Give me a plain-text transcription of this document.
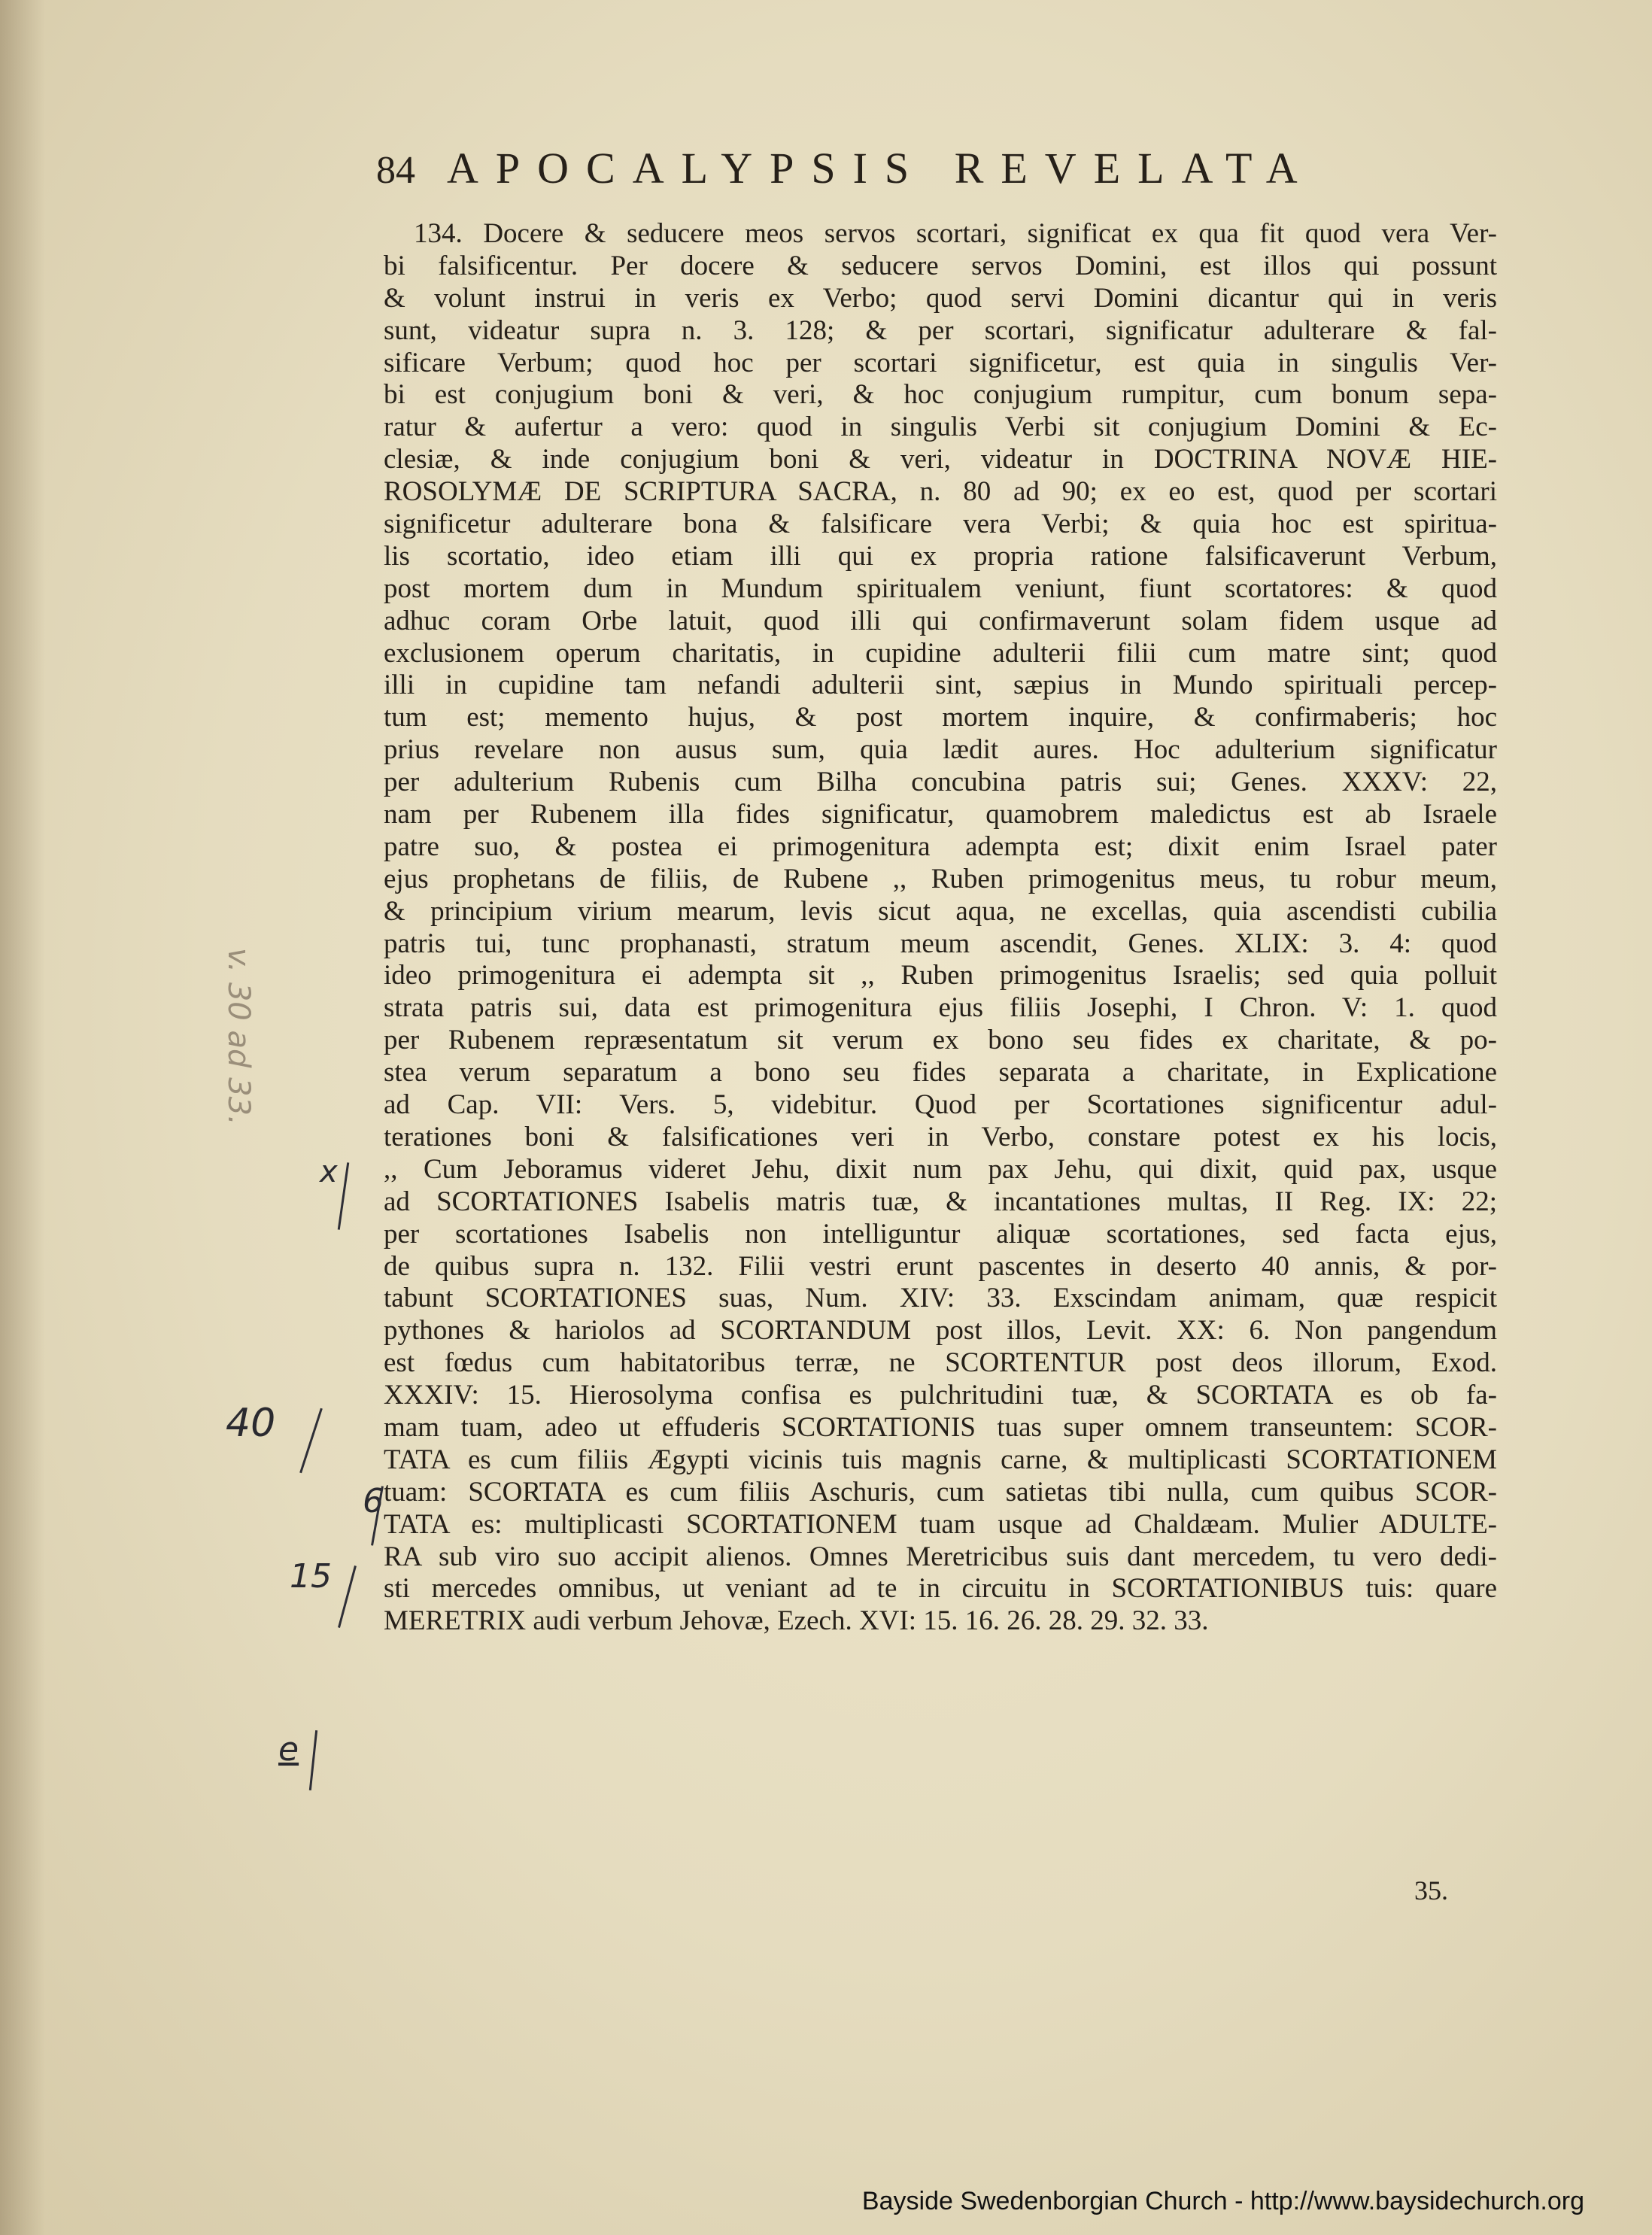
84 APOCALYPSIS REVELATA
134. Docere & seducere meos servos scortari, significat ex qua fit quod vera Ver-
bi falsificentur. Per docere & seducere servos Domini, est illos qui possunt
& volunt instrui in veris ex Verbo; quod servi Domini dicantur qui in veris
sunt, videatur supra n. 3. 128; & per scortari, significatur adulterare & fal-
sificare Verbum; quod hoc per scortari significetur, est quia in singulis Ver-
bi est conjugium boni & veri, & hoc conjugium rumpitur, cum bonum sepa-
ratur & aufertur a vero: quod in singulis Verbi sit conjugium Domini & Ec-
clesiæ, & inde conjugium boni & veri, videatur in DOCTRINA NOVÆ HIE-
ROSOLYMÆ DE SCRIPTURA SACRA, n. 80 ad 90; ex eo est, quod per scortari
significetur adulterare bona & falsificare vera Verbi; & quia hoc est spiritua-
lis scortatio, ideo etiam illi qui ex propria ratione falsificaverunt Verbum,
post mortem dum in Mundum spiritualem veniunt, fiunt scortatores: & quod
adhuc coram Orbe latuit, quod illi qui confirmaverunt solam fidem usque ad
exclusionem operum charitatis, in cupidine adulterii filii cum matre sint; quod
illi in cupidine tam nefandi adulterii sint, sæpius in Mundo spirituali percep-
tum est; memento hujus, & post mortem inquire, & confirmaberis; hoc
prius revelare non ausus sum, quia lædit aures. Hoc adulterium significatur
per adulterium Rubenis cum Bilha concubina patris sui; Genes. XXXV: 22,
nam per Rubenem illa fides significatur, quamobrem maledictus est ab Israele
patre suo, & postea ei primogenitura adempta est; dixit enim Israel pater
ejus prophetans de filiis, de Rubene ,, Ruben primogenitus meus, tu robur meum,
& principium virium mearum, levis sicut aqua, ne excellas, quia ascendisti cubilia
patris tui, tunc prophanasti, stratum meum ascendit, Genes. XLIX: 3. 4: quod
ideo primogenitura ei adempta sit ,, Ruben primogenitus Israelis; sed quia polluit
strata patris sui, data est primogenitura ejus filiis Josephi, I Chron. V: 1. quod
per Rubenem repræsentatum sit verum ex bono seu fides ex charitate, & po-
stea verum separatum a bono seu fides separata a charitate, in Explicatione
ad Cap. VII: Vers. 5, videbitur. Quod per Scortationes significentur adul-
terationes boni & falsificationes veri in Verbo, constare potest ex his locis,
,, Cum Jeboramus videret Jehu, dixit num pax Jehu, qui dixit, quid pax, usque
ad SCORTATIONES Isabelis matris tuæ, & incantationes multas, II Reg. IX: 22;
per scortationes Isabelis non intelliguntur aliquæ scortationes, sed facta ejus,
de quibus supra n. 132. Filii vestri erunt pascentes in deserto 40 annis, & por-
tabunt SCORTATIONES suas, Num. XIV: 33. Exscindam animam, quæ respicit
pythones & hariolos ad SCORTANDUM post illos, Levit. XX: 6. Non pangendum
est fœdus cum habitatoribus terræ, ne SCORTENTUR post deos illorum, Exod.
XXXIV: 15. Hierosolyma confisa es pulchritudini tuæ, & SCORTATA es ob fa-
mam tuam, adeo ut effuderis SCORTATIONIS tuas super omnem transeuntem: SCOR-
TATA es cum filiis Ægypti vicinis tuis magnis carne, & multiplicasti SCORTATIONEM
tuam: SCORTATA es cum filiis Aschuris, cum satietas tibi nulla, cum quibus SCOR-
TATA es: multiplicasti SCORTATIONEM tuam usque ad Chaldæam. Mulier ADULTE-
RA sub viro suo accipit alienos. Omnes Meretricibus suis dant mercedem, tu vero dedi-
sti mercedes omnibus, ut veniant ad te in circuitu in SCORTATIONIBUS tuis: quare
MERETRIX audi verbum Jehovæ, Ezech. XVI: 15. 16. 26. 28. 29. 32. 33.
35.
40
6
15
e
x
v. 30 ad 33.
Bayside Swedenborgian Church - http://www.baysidechurch.org
